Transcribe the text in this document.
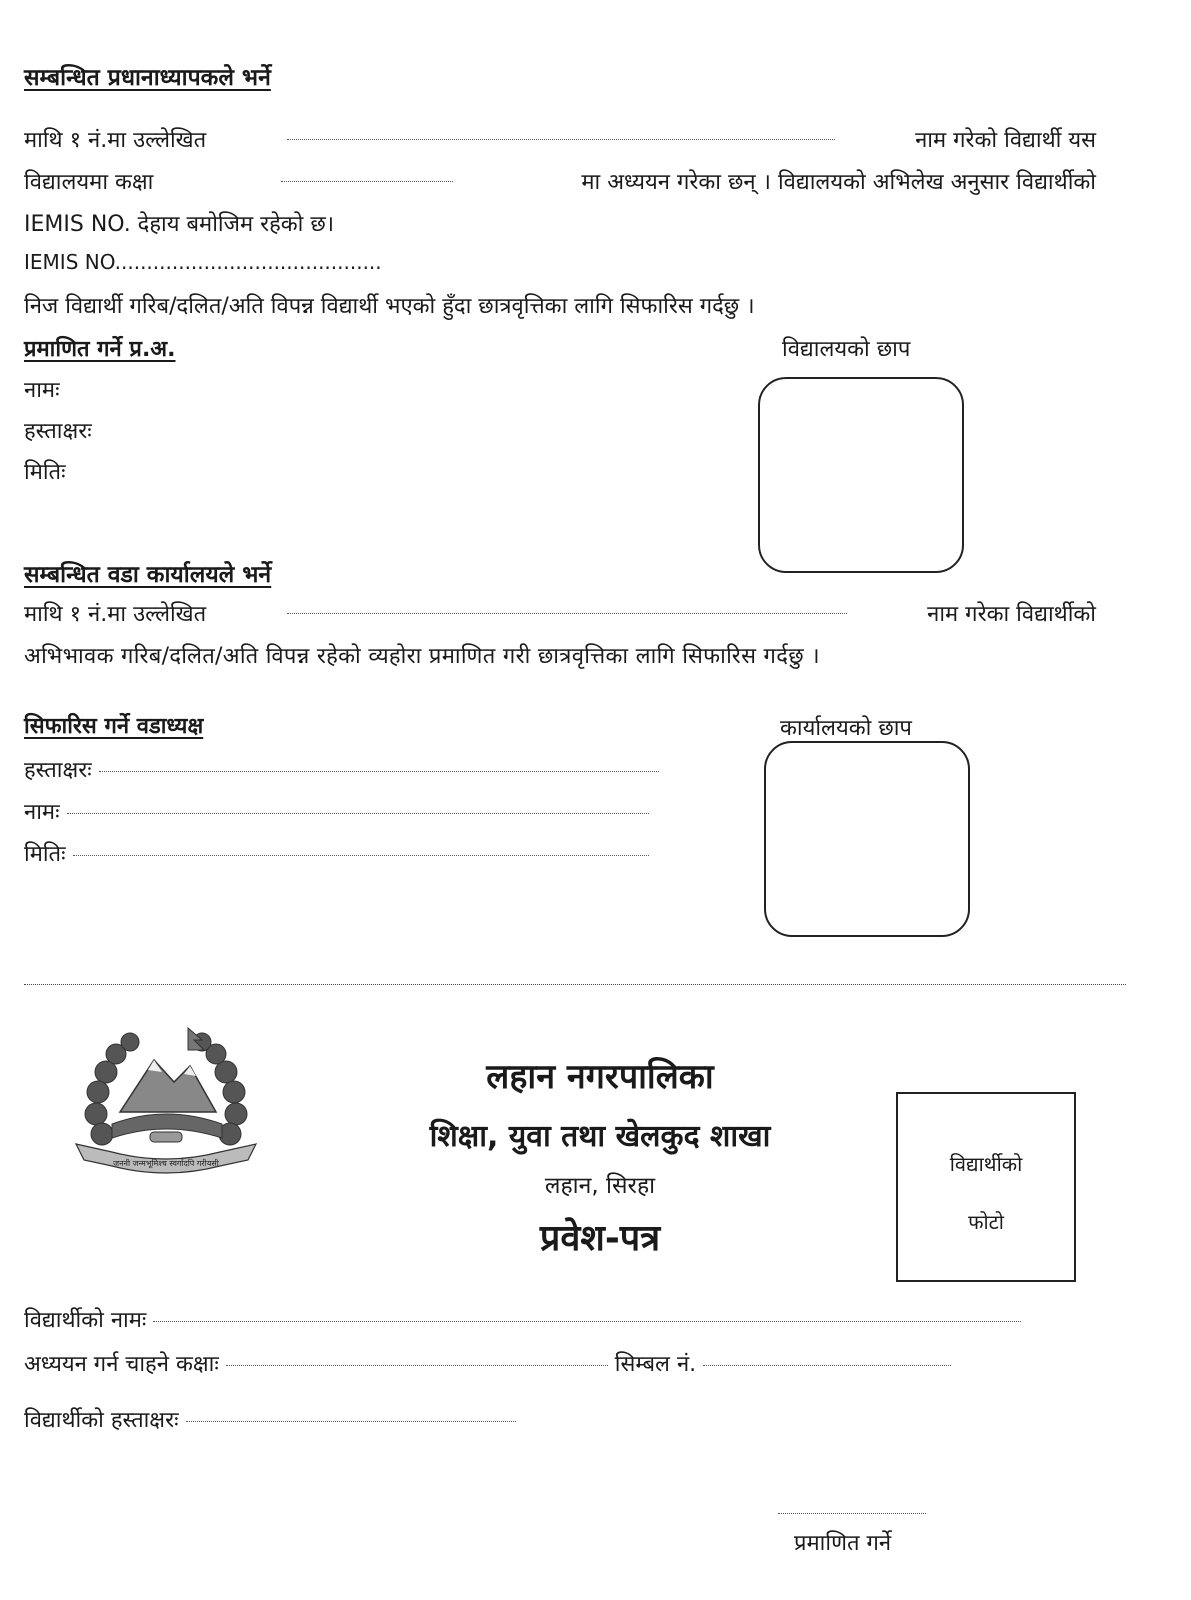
सम्बन्धित प्रधानाध्यापकले भर्ने
माथि १ नं.मा उल्लेखित	नाम गरेको विद्यार्थी यस
विद्यालयमा कक्षा	मा अध्ययन गरेका छन् । विद्यालयको अभिलेख अनुसार विद्यार्थीको
IEMIS NO. देहाय बमोजिम रहेको छ।
IEMIS NO..........................................
निज विद्यार्थी गरिब/दलित/अति विपन्न विद्यार्थी भएको हुँदा छात्रवृत्तिका लागि सिफारिस गर्दछु ।
प्रमाणित गर्ने प्र.अ.	विद्यालयको छाप
नामः
हस्ताक्षरः
मितिः
सम्बन्धित वडा कार्यालयले भर्ने
माथि १ नं.मा उल्लेखित	नाम गरेका विद्यार्थीको
अभिभावक गरिब/दलित/अति विपन्न रहेको व्यहोरा प्रमाणित गरी छात्रवृत्तिका लागि सिफारिस गर्दछु ।
सिफारिस गर्ने वडाध्यक्ष	कार्यालयको छाप
हस्ताक्षरः
नामः
मितिः
जननी जन्मभूमिश्च स्वर्गादपि गरीयसी
लहान नगरपालिका
शिक्षा, युवा तथा खेलकुद शाखा
लहान, सिरहा
प्रवेश-पत्र
विद्यार्थीको
फोटो
विद्यार्थीको नामः
अध्ययन गर्न चाहने कक्षाः	सिम्बल नं.
विद्यार्थीको हस्ताक्षरः
प्रमाणित गर्ने
